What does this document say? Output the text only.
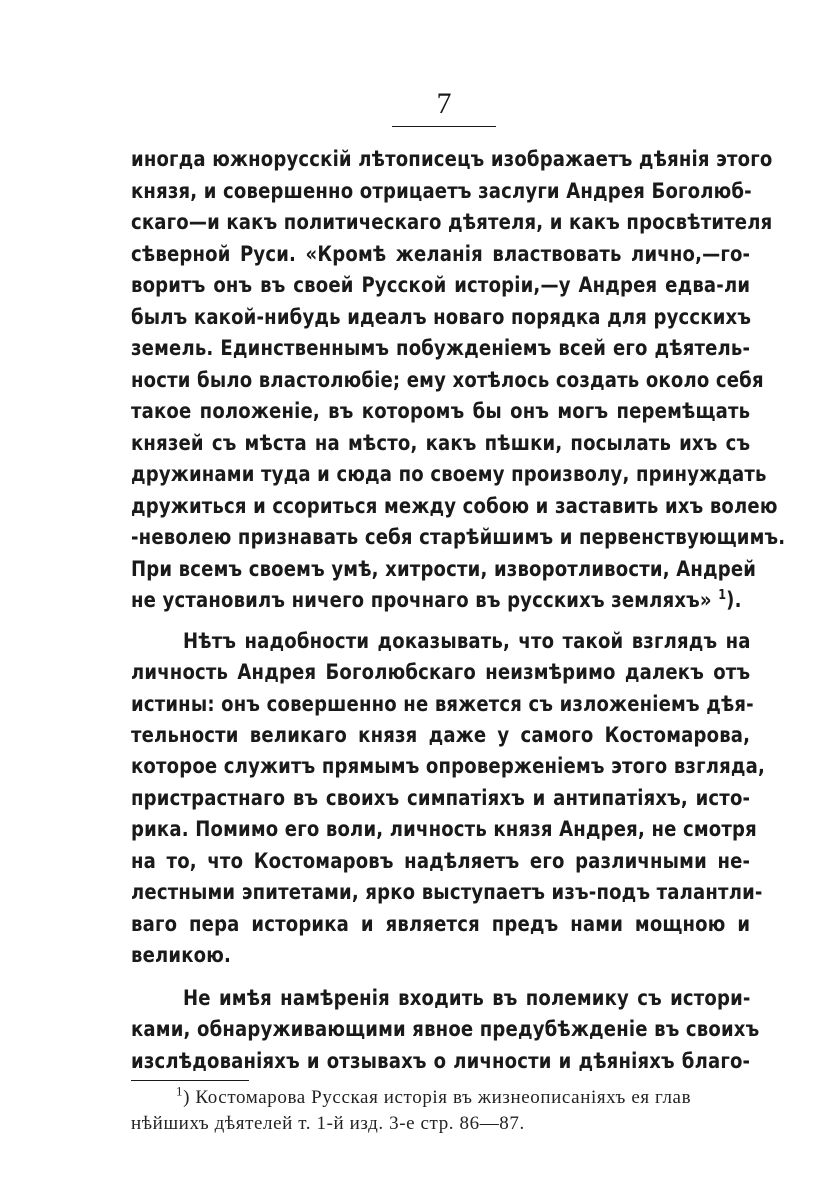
7
иногда южнорусскій лѣтописецъ изображаетъ дѣянія этого
князя, и совершенно отрицаетъ заслуги Андрея Боголюб-
скаго—и какъ политическаго дѣятеля, и какъ просвѣтителя
сѣверной Руси. «Кромѣ желанія властвовать лично,—го-
воритъ онъ въ своей Русской исторіи,—у Андрея едва-ли
былъ какой-нибудь идеалъ новаго порядка для русскихъ
земель. Единственнымъ побужденіемъ всей его дѣятель-
ности было властолюбіе; ему хотѣлось создать около себя
такое положеніе, въ которомъ бы онъ могъ перемѣщать
князей съ мѣста на мѣсто, какъ пѣшки, посылать ихъ съ
дружинами туда и сюда по своему произволу, принуждать
дружиться и ссориться между собою и заставить ихъ волею
-неволею признавать себя старѣйшимъ и первенствующимъ.
При всемъ своемъ умѣ, хитрости, изворотливости, Андрей
не установилъ ничего прочнаго въ русскихъ земляхъ» $^1$).
Нѣтъ надобности доказывать, что такой взглядъ на
личность Андрея Боголюбскаго неизмѣримо далекъ отъ
истины: онъ совершенно не вяжется съ изложеніемъ дѣя-
тельности великаго князя даже у самого Костомарова,
которое служитъ прямымъ опроверженіемъ этого взгляда,
пристрастнаго въ своихъ симпатіяхъ и антипатіяхъ, исто-
рика. Помимо его воли, личность князя Андрея, не смотря
на то, что Костомаровъ надѣляетъ его различными не-
лестными эпитетами, ярко выступаетъ изъ-подъ талантли-
ваго пера историка и является предъ нами мощною и
великою.
Не имѣя намѣренія входить въ полемику съ истори-
ками, обнаруживающими явное предубѣжденіе въ своихъ
изслѣдованіяхъ и отзывахъ о личности и дѣяніяхъ благо-
$^1$) Костомарова Русская исторія въ жизнеописаніяхъ ея глав
нѣйшихъ дѣятелей т. 1-й изд. 3-е стр. 86—87.
